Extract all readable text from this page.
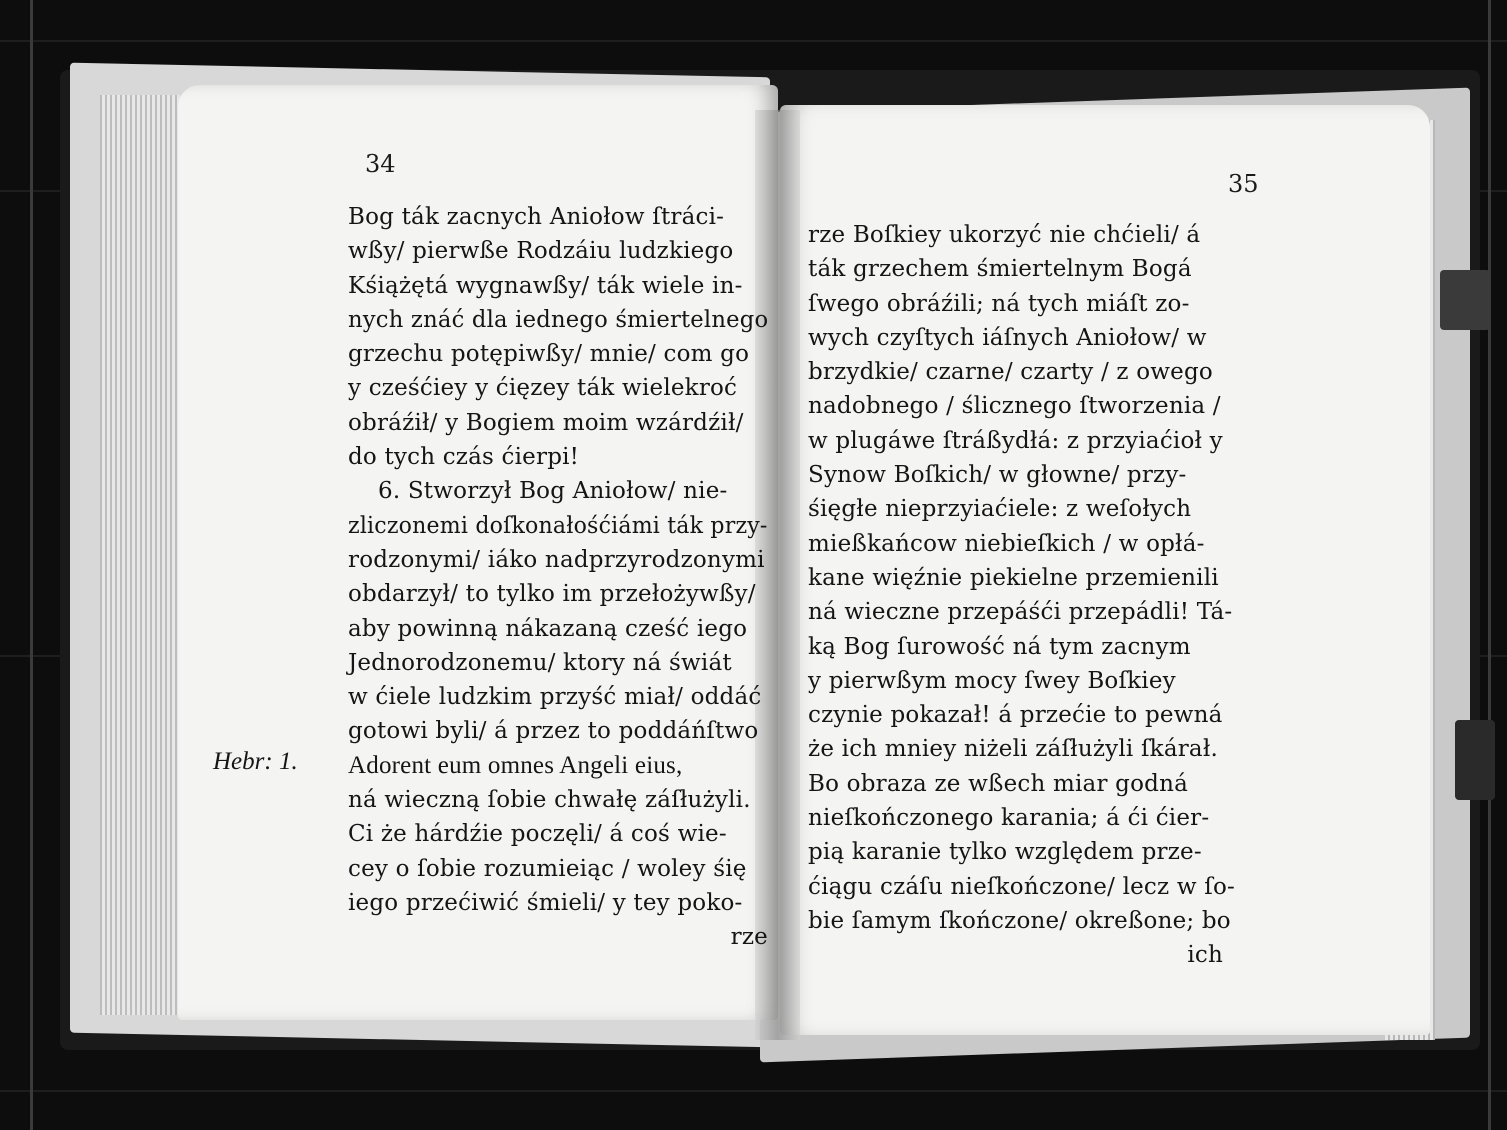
34
Hebr: 1.
Bog ták zacnych Aniołow ſtráci-
wßy/ pierwße Rodzáiu ludzkiego
Kśiążętá wygnawßy/ ták wiele in-
nych znáć dla iednego śmiertelnego
grzechu potępiwßy/ mnie/ com go
y cześćiey y ćięzey ták wielekroć
obráźił/ y Bogiem moim wzárdźił/
do tych czás ćierpi!
6. Stworzył Bog Aniołow/ nie-
zliczonemi doſkonałośćiámi ták przy-
rodzonymi/ iáko nadprzyrodzonymi
obdarzył/ to tylko im przełożywßy/
aby powinną nákazaną cześć iego
Jednorodzonemu/ ktory ná świát
w ćiele ludzkim przyść miał/ oddáć
gotowi byli/ á przez to poddáńſtwo
Adorent eum omnes Angeli eius,
ná wieczną ſobie chwałę záſłużyli.
Ci że hárdźie poczęli/ á coś wie-
cey o ſobie rozumieiąc / woley śię
iego przećiwić śmieli/ y tey poko-
rze
35
rze Boſkiey ukorzyć nie chćieli/ á
ták grzechem śmiertelnym Bogá
ſwego obráźili; ná tych miáſt zo-
wych czyſtych iáſnych Aniołow/ w
brzydkie/ czarne/ czarty / z owego
nadobnego / ślicznego ſtworzenia /
w plugáwe ſtráßydłá: z przyiaćioł y
Synow Boſkich/ w głowne/ przy-
śięgłe nieprzyiaćiele: z weſołych
mießkańcow niebieſkich / w opłá-
kane więźnie piekielne przemienili
ná wieczne przepáśći przepádli! Tá-
ką Bog ſurowość ná tym zacnym
y pierwßym mocy ſwey Boſkiey
czynie pokazał! á przećie to pewná
że ich mniey niżeli záſłużyli ſkárał.
Bo obraza ze wßech miar godná
nieſkończonego karania; á ći ćier-
pią karanie tylko względem prze-
ćiągu czáſu nieſkończone/ lecz w ſo-
bie ſamym ſkończone/ okreßone; bo
ich
